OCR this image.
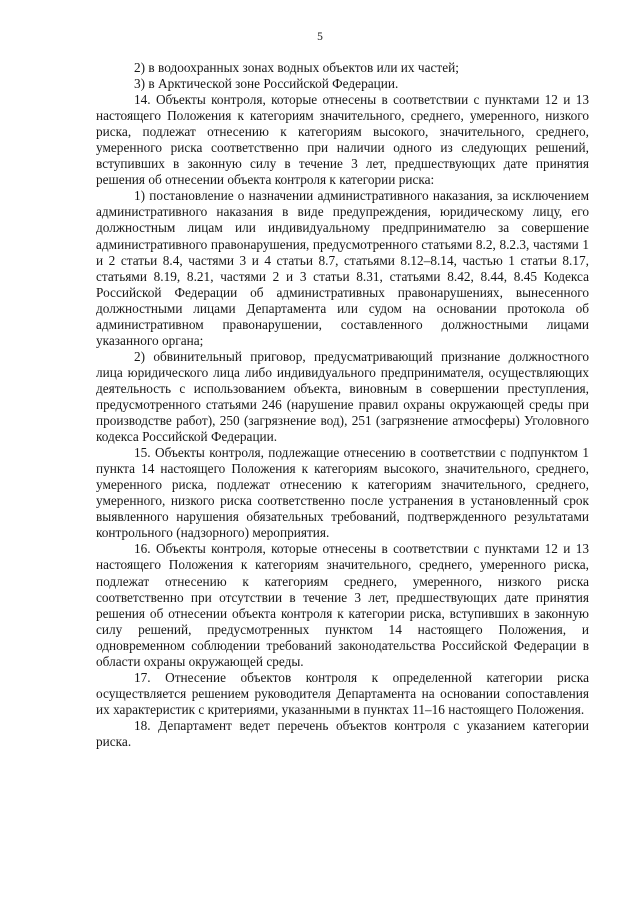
5

2) в водоохранных зонах водных объектов или их частей;

3) в Арктической зоне Российской Федерации.

14. Объекты контроля, которые отнесены в соответствии с пунктами 12 и 13 настоящего Положения к категориям значительного, среднего, умеренного, низкого риска, подлежат отнесению к категориям высокого, значительного, среднего, умеренного риска соответственно при наличии одного из следующих решений, вступивших в законную силу в течение 3 лет, предшествующих дате принятия решения об отнесении объекта контроля к категории риска:

1) постановление о назначении административного наказания, за исключением административного наказания в виде предупреждения, юридическому лицу, его должностным лицам или индивидуальному предпринимателю за совершение административного правонарушения, предусмотренного статьями 8.2, 8.2.3, частями 1 и 2 статьи 8.4, частями 3 и 4 статьи 8.7, статьями 8.12–8.14, частью 1 статьи 8.17, статьями 8.19, 8.21, частями 2 и 3 статьи 8.31, статьями 8.42, 8.44, 8.45 Кодекса Российской Федерации об административных правонарушениях, вынесенного должностными лицами Департамента или судом на основании протокола об административном правонарушении, составленного должностными лицами указанного органа;

2) обвинительный приговор, предусматривающий признание должностного лица юридического лица либо индивидуального предпринимателя, осуществляющих деятельность с использованием объекта, виновным в совершении преступления, предусмотренного статьями 246 (нарушение правил охраны окружающей среды при производстве работ), 250 (загрязнение вод), 251 (загрязнение атмосферы) Уголовного кодекса Российской Федерации.

15. Объекты контроля, подлежащие отнесению в соответствии с подпунктом 1 пункта 14 настоящего Положения к категориям высокого, значительного, среднего, умеренного риска, подлежат отнесению к категориям значительного, среднего, умеренного, низкого риска соответственно после устранения в установленный срок выявленного нарушения обязательных требований, подтвержденного результатами контрольного (надзорного) мероприятия.

16. Объекты контроля, которые отнесены в соответствии с пунктами 12 и 13 настоящего Положения к категориям значительного, среднего, умеренного риска, подлежат отнесению к категориям среднего, умеренного, низкого риска соответственно при отсутствии в течение 3 лет, предшествующих дате принятия решения об отнесении объекта контроля к категории риска, вступивших в законную силу решений, предусмотренных пунктом 14 настоящего Положения, и одновременном соблюдении требований законодательства Российской Федерации в области охраны окружающей среды.

17. Отнесение объектов контроля к определенной категории риска осуществляется решением руководителя Департамента на основании сопоставления их характеристик с критериями, указанными в пунктах 11–16 настоящего Положения.

18. Департамент ведет перечень объектов контроля с указанием категории риска.
